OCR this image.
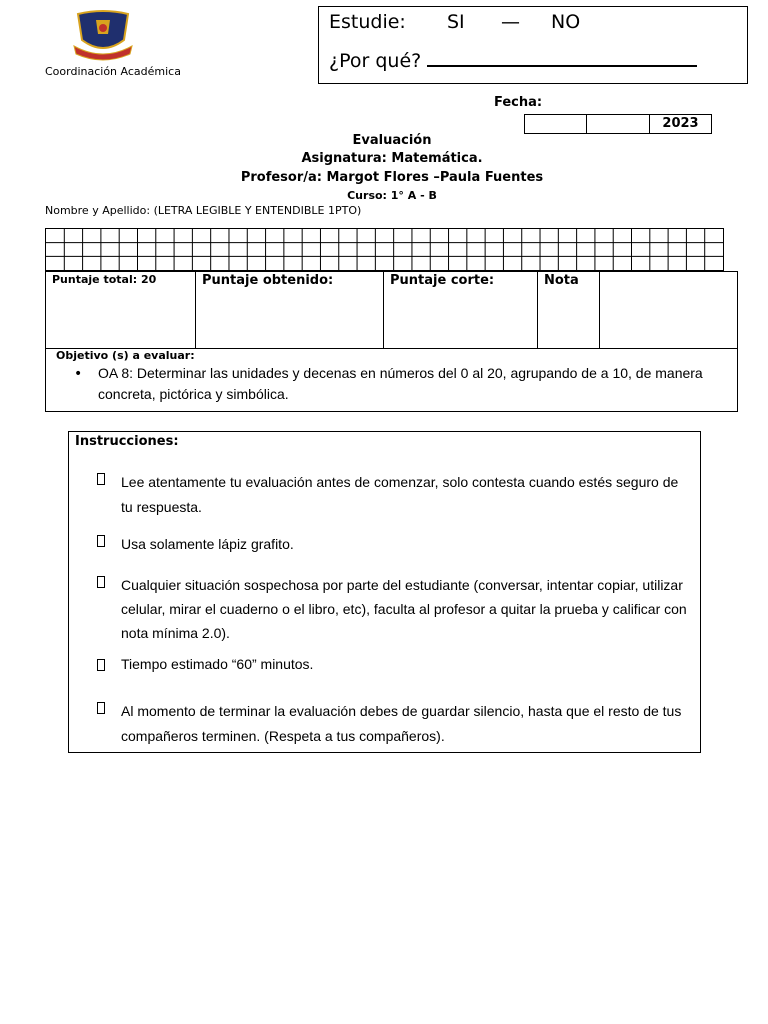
Coordinación Académica
Estudie: SI — NO
¿Por qué?
Fecha:
2023
Evaluación
Asignatura: Matemática.
Profesor/a: Margot Flores –Paula Fuentes
Curso: 1° A - B
Nombre y Apellido: (LETRA LEGIBLE Y ENTENDIBLE 1PTO)
Puntaje total: 20	Puntaje obtenido:	Puntaje corte:	Nota
Objetivo (s) a evaluar:
• OA 8: Determinar las unidades y decenas en números del 0 al 20, agrupando de a 10, de manera concreta, pictórica y simbólica.
Instrucciones:
Lee atentamente tu evaluación antes de comenzar, solo contesta cuando estés seguro de tu respuesta.
Usa solamente lápiz grafito.
Cualquier situación sospechosa por parte del estudiante (conversar, intentar copiar, utilizar celular, mirar el cuaderno o el libro, etc), faculta al profesor a quitar la prueba y calificar con nota mínima 2.0).
Tiempo estimado “60” minutos.
Al momento de terminar la evaluación debes de guardar silencio, hasta que el resto de tus compañeros terminen. (Respeta a tus compañeros).
